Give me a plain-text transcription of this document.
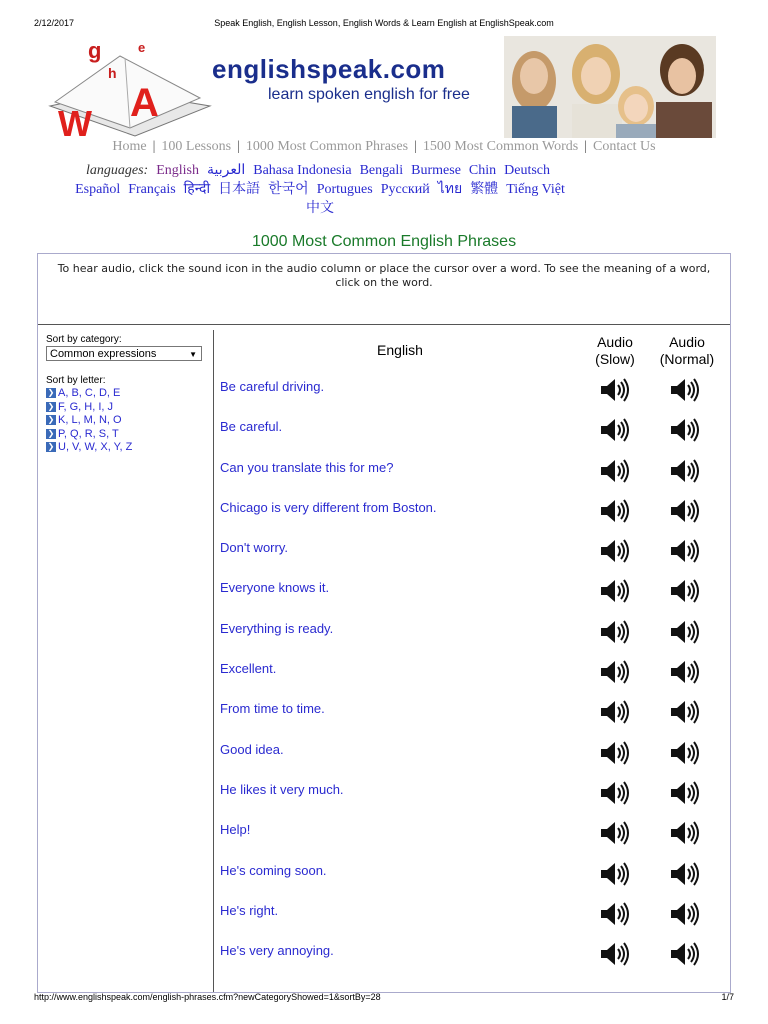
2/12/2017	Speak English, English Lesson, English Words & Learn English at EnglishSpeak.com
g
h
e
A
W
englishspeak.com
learn spoken english for free
Home | 100 Lessons | 1000 Most Common Phrases | 1500 Most Common Words | Contact Us
languages: English العربية Bahasa Indonesia Bengali Burmese Chin Deutsch
Español Français हिन्दी 日本語 한국어 Portugues Русский ไทย 繁體 Tiếng Việt
中文
1000 Most Common English Phrases
To hear audio, click the sound icon in the audio column or place the cursor over a word. To see the meaning of a word, click on the word.
Sort by category:
Common expressions	▼
Sort by letter:
❯ A, B, C, D, E
❯ F, G, H, I, J
❯ K, L, M, N, O
❯ P, Q, R, S, T
❯ U, V, W, X, Y, Z
English	Audio
(Slow)
Audio
(Normal)
Be careful driving.
Be careful.
Can you translate this for me?
Chicago is very different from Boston.
Don't worry.
Everyone knows it.
Everything is ready.
Excellent.
From time to time.
Good idea.
He likes it very much.
Help!
He's coming soon.
He's right.
He's very annoying.
http://www.englishspeak.com/english-phrases.cfm?newCategoryShowed=1&sortBy=28	1/7
